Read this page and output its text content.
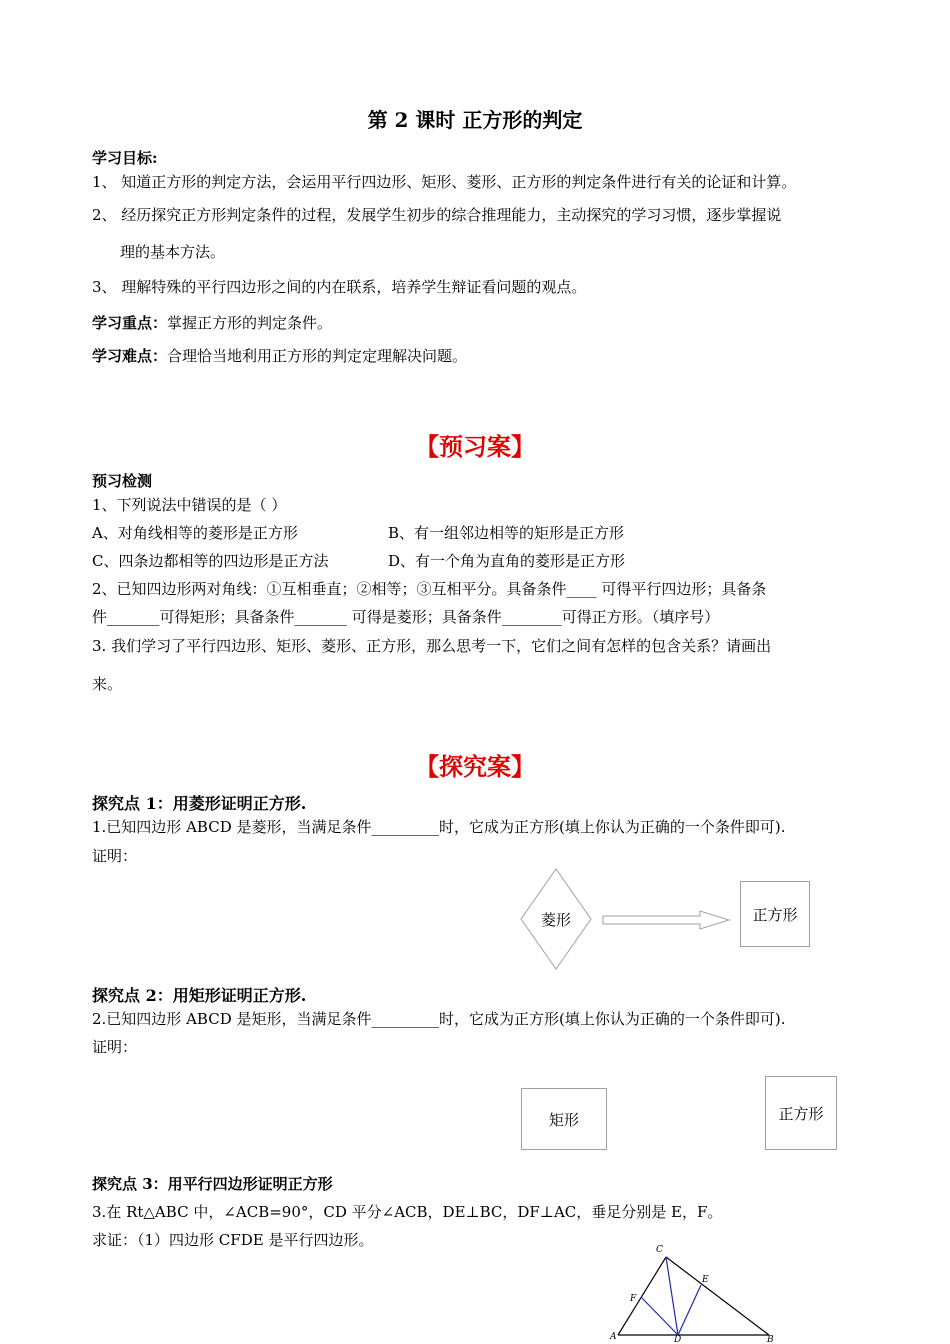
第 2 课时 正方形的判定
学习目标:
1、 知道正方形的判定方法，会运用平行四边形、矩形、菱形、正方形的判定条件进行有关的论证和计算。
2、 经历探究正方形判定条件的过程，发展学生初步的综合推理能力，主动探究的学习习惯，逐步掌握说
理的基本方法。
3、 理解特殊的平行四边形之间的内在联系，培养学生辩证看问题的观点。
学习重点：掌握正方形的判定条件。
学习难点：合理恰当地利用正方形的判定定理解决问题。
【预习案】
预习检测
1、下列说法中错误的是（ ）
A、对角线相等的菱形是正方形	B、有一组邻边相等的矩形是正方形
C、四条边都相等的四边形是正方法	D、有一个角为直角的菱形是正方形
2、已知四边形两对角线：①互相垂直；②相等；③互相平分。具备条件____ 可得平行四边形；具备条
件_______可得矩形；具备条件_______ 可得是菱形；具备条件________可得正方形。（填序号）
3. 我们学习了平行四边形、矩形、菱形、正方形，那么思考一下，它们之间有怎样的包含关系？请画出
来。
【探究案】
探究点 1：用菱形证明正方形.
1.已知四边形 ABCD 是菱形，当满足条件_________时，它成为正方形(填上你认为正确的一个条件即可).
证明：
菱形	正方形
探究点 2：用矩形证明正方形.
2.已知四边形 ABCD 是矩形，当满足条件_________时，它成为正方形(填上你认为正确的一个条件即可).
证明：
矩形	正方形
探究点 3：用平行四边形证明正方形
3.在 Rt△ABC 中，∠ACB=90°，CD 平分∠ACB，DE⊥BC，DF⊥AC，垂足分别是 E，F。
求证：（1）四边形 CFDE 是平行四边形。
C
E
F
A	D	B
